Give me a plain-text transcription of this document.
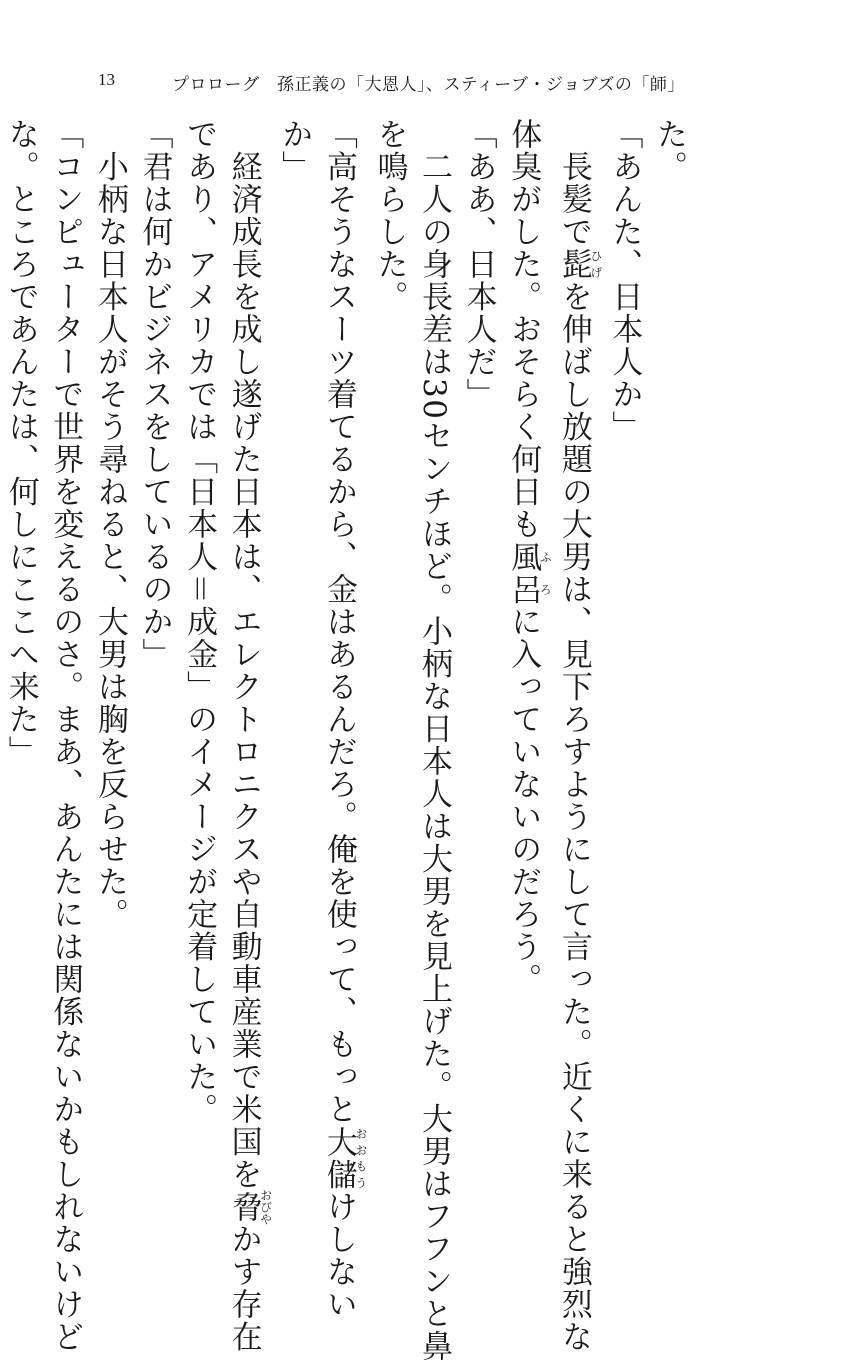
13	プロローグ　孫正義の「大恩人」、スティーブ・ジョブズの「師」

た。

「あんた、日本人か」

　長髪で髭ひげを伸ばし放題の大男は、見下ろすようにして言った。近くに来ると強烈な

体臭がした。おそらく何日も風呂ふろに入っていないのだろう。

「ああ、日本人だ」

　二人の身長差は30センチほど。小柄な日本人は大男を見上げた。大男はフフンと鼻

を鳴らした。

「高そうなスーツ着てるから、金はあるんだろ。俺を使って、もっと大儲おおもうけしない

か」

　経済成長を成し遂げた日本は、エレクトロニクスや自動車産業で米国を脅おびやかす存在

であり、アメリカでは「日本人＝成金」のイメージが定着していた。

「君は何かビジネスをしているのか」

　小柄な日本人がそう尋ねると、大男は胸を反らせた。

「コンピューターで世界を変えるのさ。まあ、あんたには関係ないかもしれないけど

な。ところであんたは、何しにここへ来た」
